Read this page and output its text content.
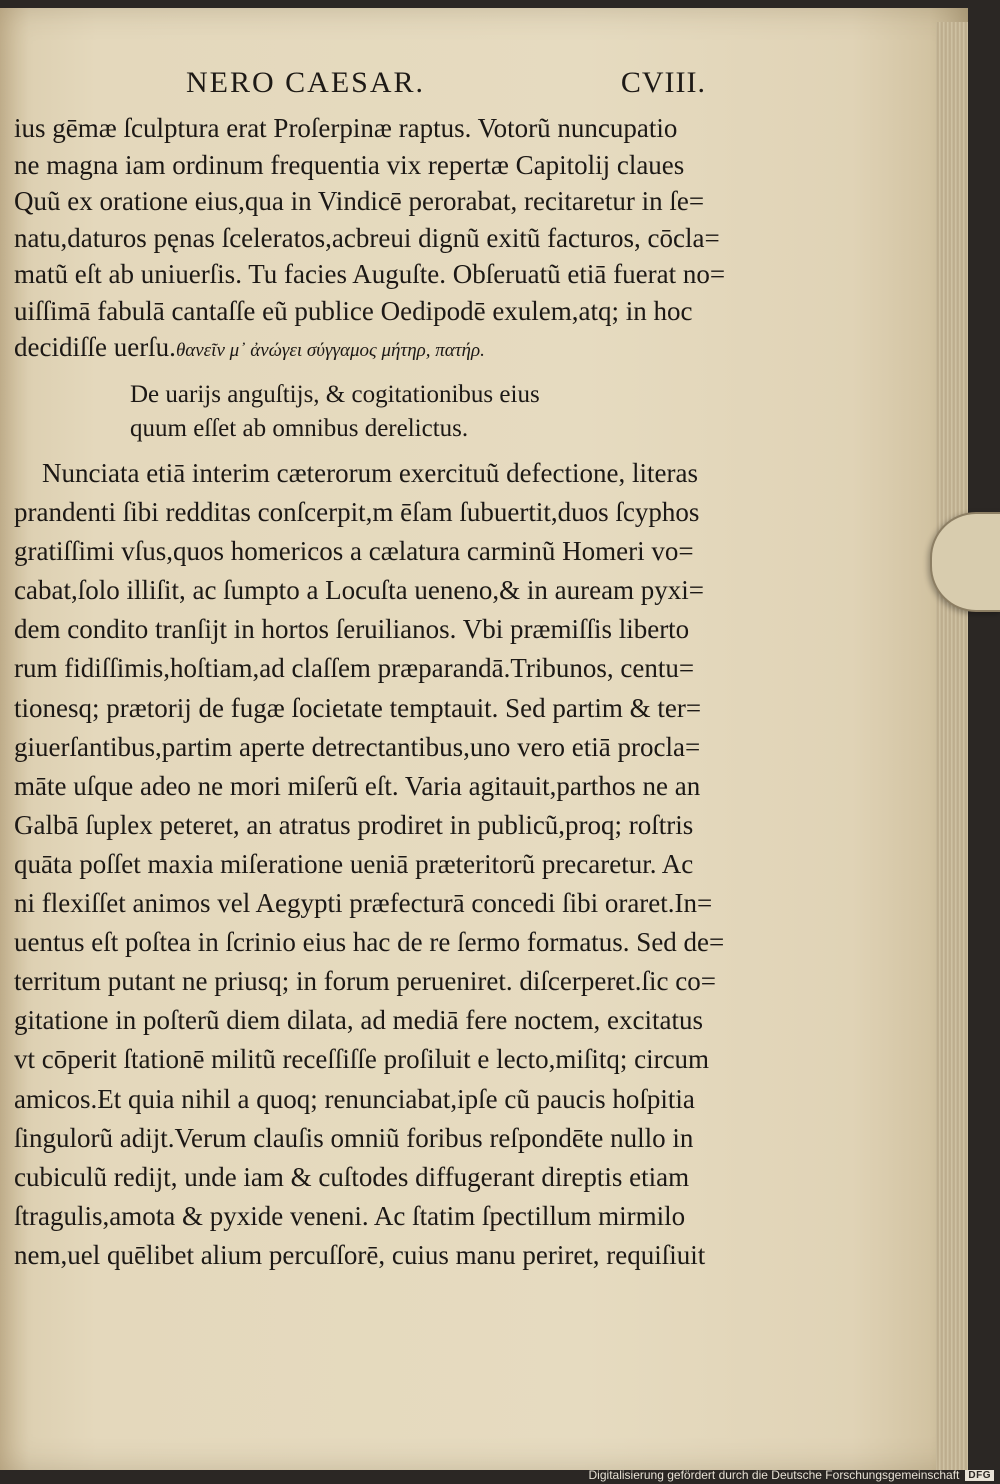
NERO CAESAR.	CVIII.
ius gēmæ ſculptura erat Proſerpinæ raptus. Votorũ nuncupatio
ne magna iam ordinum frequentia vix repertæ Capitolij claues
Quũ ex oratione eius,qua in Vindicē perorabat, recitaretur in ſe=
natu,daturos pęnas ſceleratos,acbreui dignũ exitũ facturos, cōcla=
matũ eſt ab uniuerſis. Tu facies Auguſte. Obſeruatũ etiā fuerat no=
uiſſimā fabulā cantaſſe eũ publice Oedipodē exulem,atq; in hoc
decidiſſe uerſu.θανεῖν μ᾽ ἀνώγει σύγγαμος μήτηρ, πατήρ.
De uarijs anguſtijs, & cogitationibus eius
quum eſſet ab omnibus derelictus.
Nunciata etiā interim cæterorum exercituũ defectione, literas
prandenti ſibi redditas conſcerpit,m ēſam ſubuertit,duos ſcyphos
gratiſſimi vſus,quos homericos a cælatura carminũ Homeri vo=
cabat,ſolo illiſit, ac ſumpto a Locuſta ueneno,& in auream pyxi=
dem condito tranſijt in hortos ſeruilianos. Vbi præmiſſis liberto
rum fidiſſimis,hoſtiam,ad claſſem præparandā.Tribunos, centu=
tionesq; prætorij de fugæ ſocietate temptauit. Sed partim & ter=
giuerſantibus,partim aperte detrectantibus,uno vero etiā procla=
māte uſque adeo ne mori miſerũ eſt. Varia agitauit,parthos ne an
Galbā ſuplex peteret, an atratus prodiret in publicũ,proq; roſtris
quāta poſſet maxia miſeratione ueniā præteritorũ precaretur. Ac
ni flexiſſet animos vel Aegypti præfecturā concedi ſibi oraret.In=
uentus eſt poſtea in ſcrinio eius hac de re ſermo formatus. Sed de=
territum putant ne priusq; in forum perueniret. diſcerperet.ſic co=
gitatione in poſterũ diem dilata, ad mediā fere noctem, excitatus
vt cōperit ſtationē militũ receſſiſſe proſiluit e lecto,miſitq; circum
amicos.Et quia nihil a quoq; renunciabat,ipſe cũ paucis hoſpitia
ſingulorũ adijt.Verum clauſis omniũ foribus reſpondēte nullo in
cubiculũ redijt, unde iam & cuſtodes diffugerant direptis etiam
ſtragulis,amota & pyxide veneni. Ac ſtatim ſpectillum mirmilo
nem,uel quēlibet alium percuſſorē, cuius manu periret, requiſiuit
Digitalisierung gefördert durch die Deutsche Forschungsgemeinschaft DFG
